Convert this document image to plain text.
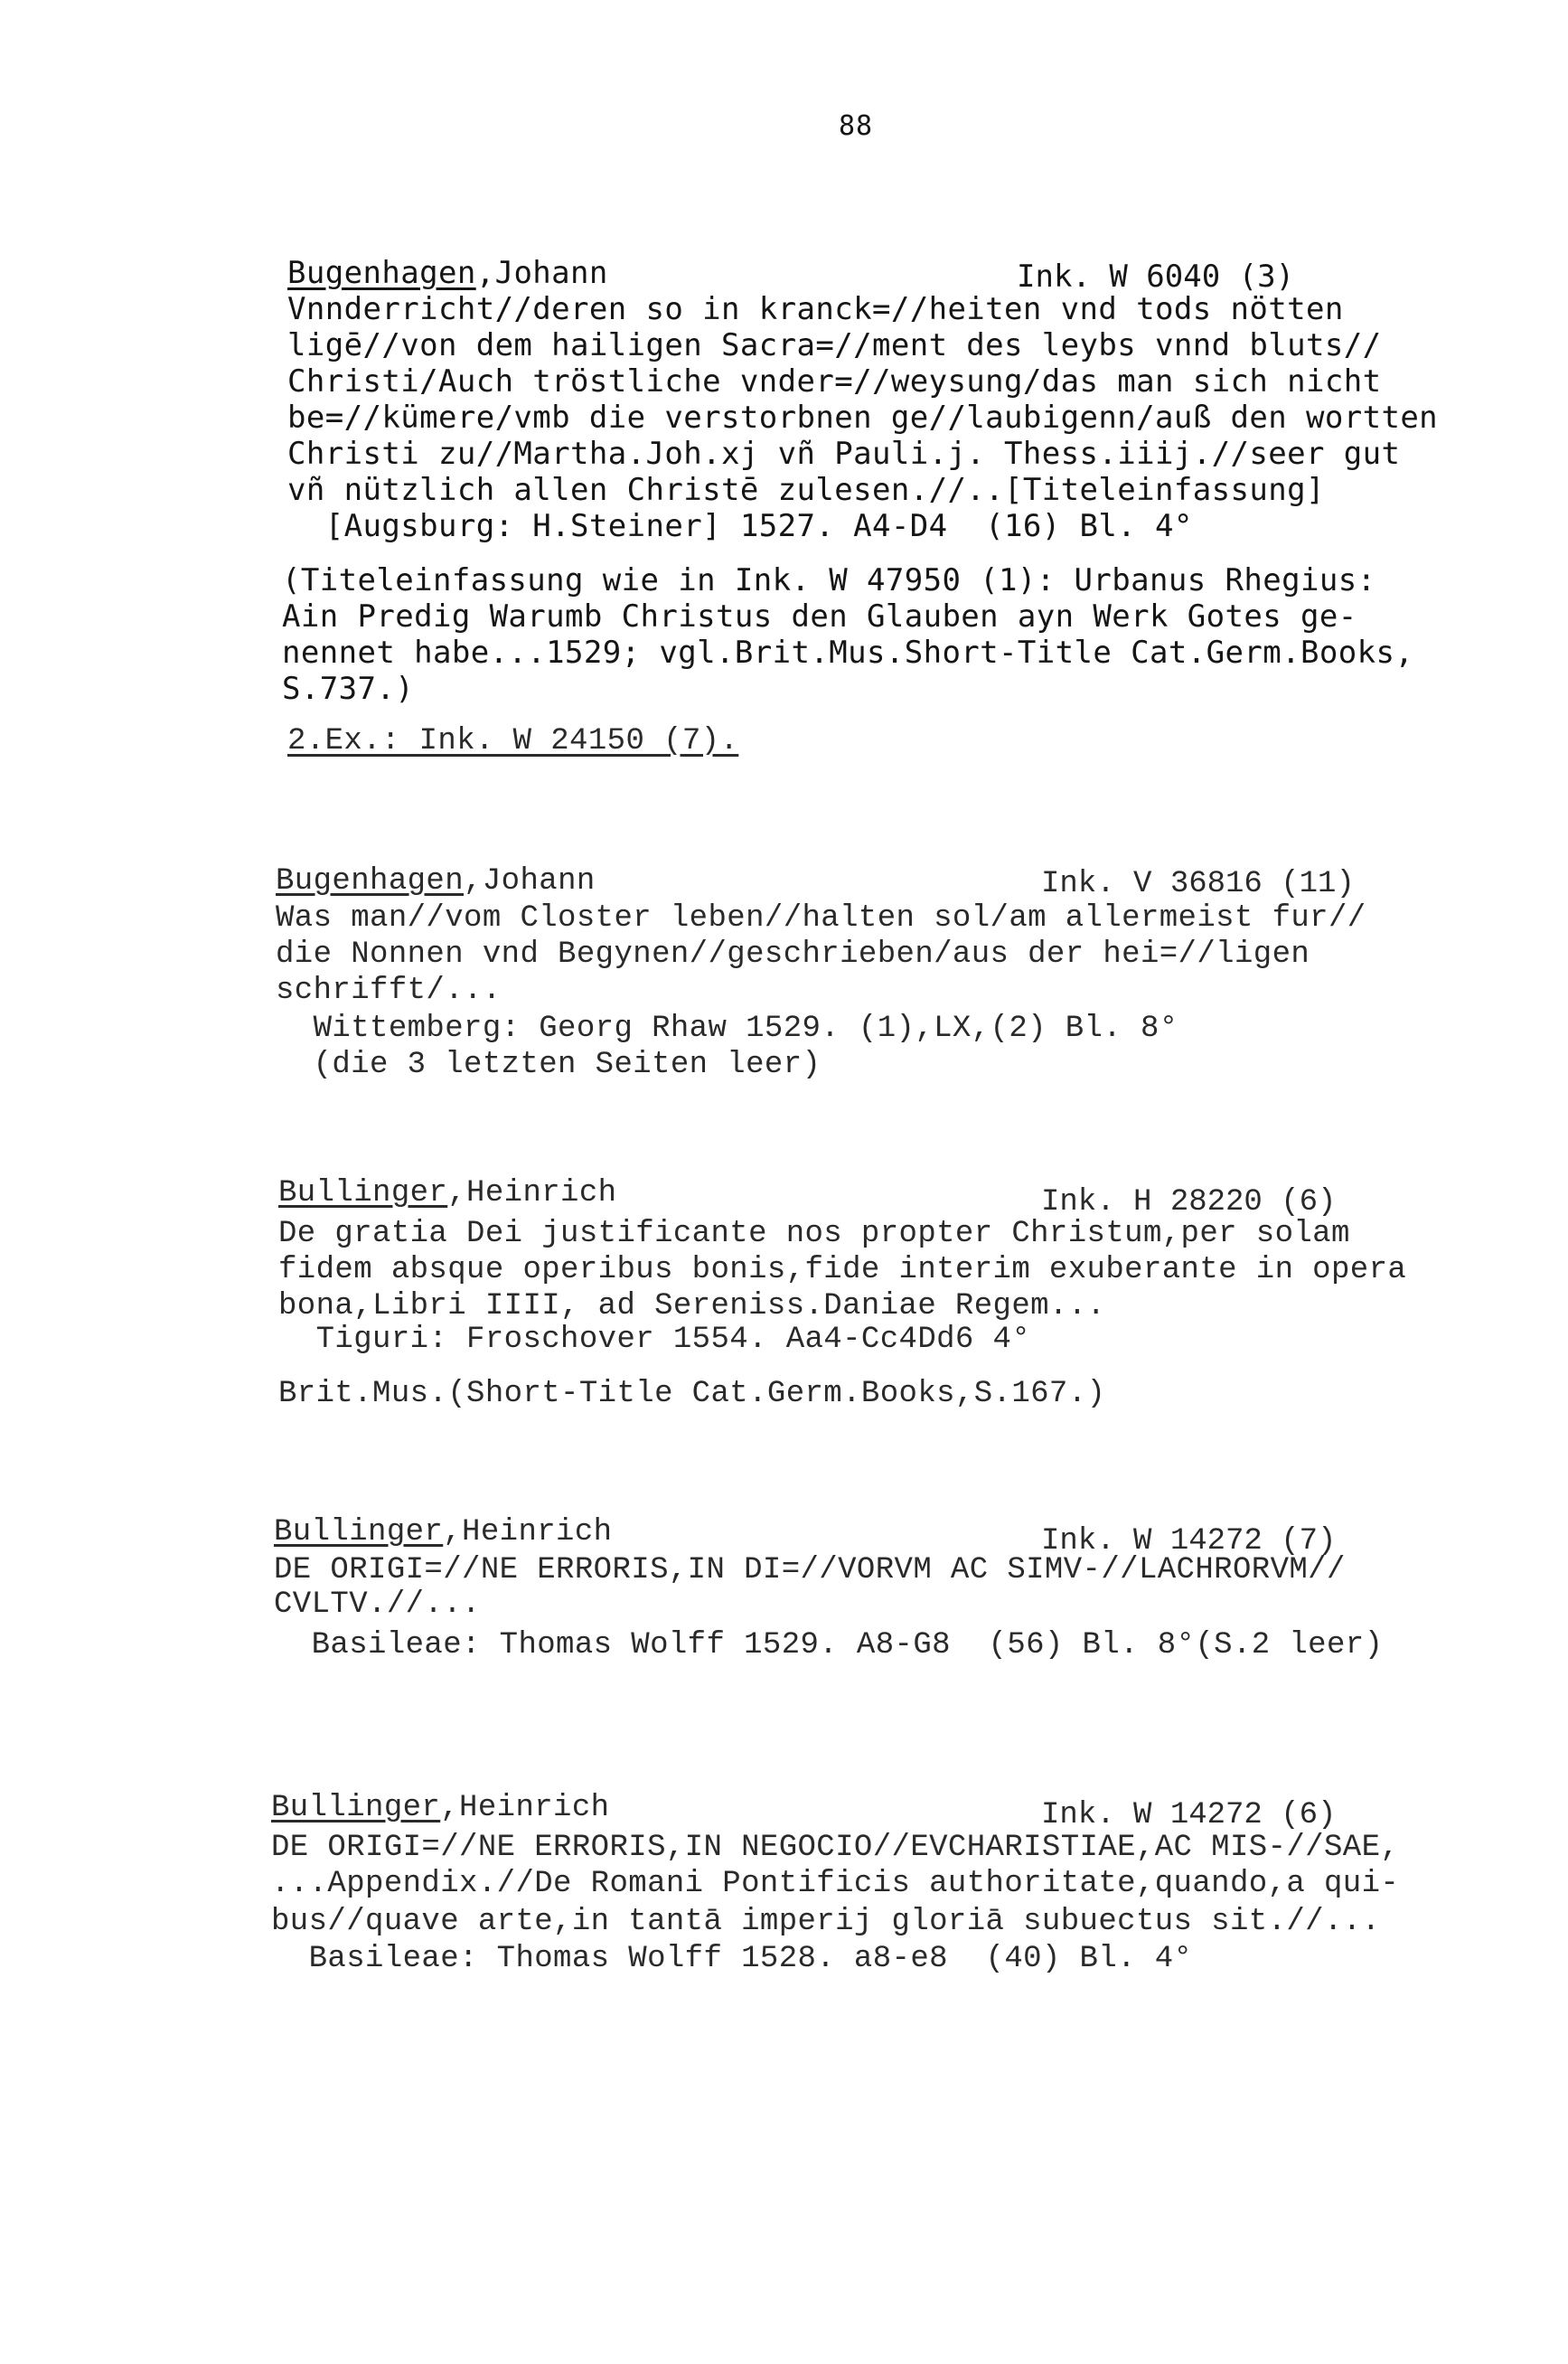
88
Bugenhagen,Johann	Ink. W 6040 (3)
Vnnderricht//deren so in kranck=//heiten vnd tods nötten
ligē//von dem hailigen Sacra=//ment des leybs vnnd bluts//
Christi/Auch tröstliche vnder=//weysung/das man sich nicht
be=//kümere/vmb die verstorbnen ge//laubigenn/auß den wortten
Christi zu//Martha.Joh.xj vñ Pauli.j. Thess.iiij.//seer gut
vñ nützlich allen Christē zulesen.//..[Titeleinfassung]
[Augsburg: H.Steiner] 1527. A4-D4  (16) Bl. 4°
(Titeleinfassung wie in Ink. W 47950 (1): Urbanus Rhegius:
Ain Predig Warumb Christus den Glauben ayn Werk Gotes ge-
nennet habe...1529; vgl.Brit.Mus.Short-Title Cat.Germ.Books,
S.737.)
2.Ex.: Ink. W 24150 (7).
Bugenhagen,Johann	Ink. V 36816 (11)
Was man//vom Closter leben//halten sol/am allermeist fur//
die Nonnen vnd Begynen//geschrieben/aus der hei=//ligen
schrifft/...
Wittemberg: Georg Rhaw 1529. (1),LX,(2) Bl. 8°
(die 3 letzten Seiten leer)
Bullinger,Heinrich	Ink. H 28220 (6)
De gratia Dei justificante nos propter Christum,per solam
fidem absque operibus bonis,fide interim exuberante in opera
bona,Libri IIII, ad Sereniss.Daniae Regem...
Tiguri: Froschover 1554. Aa4-Cc4Dd6 4°
Brit.Mus.(Short-Title Cat.Germ.Books,S.167.)
Bullinger,Heinrich	Ink. W 14272 (7)
DE ORIGI=//NE ERRORIS,IN DI=//VORVM AC SIMV-//LACHRORVM//
CVLTV.//...
Basileae: Thomas Wolff 1529. A8-G8  (56) Bl. 8°(S.2 leer)
Bullinger,Heinrich	Ink. W 14272 (6)
DE ORIGI=//NE ERRORIS,IN NEGOCIO//EVCHARISTIAE,AC MIS-//SAE,
...Appendix.//De Romani Pontificis authoritate,quando,a qui-
bus//quave arte,in tantā imperij gloriā subuectus sit.//...
Basileae: Thomas Wolff 1528. a8-e8  (40) Bl. 4°
